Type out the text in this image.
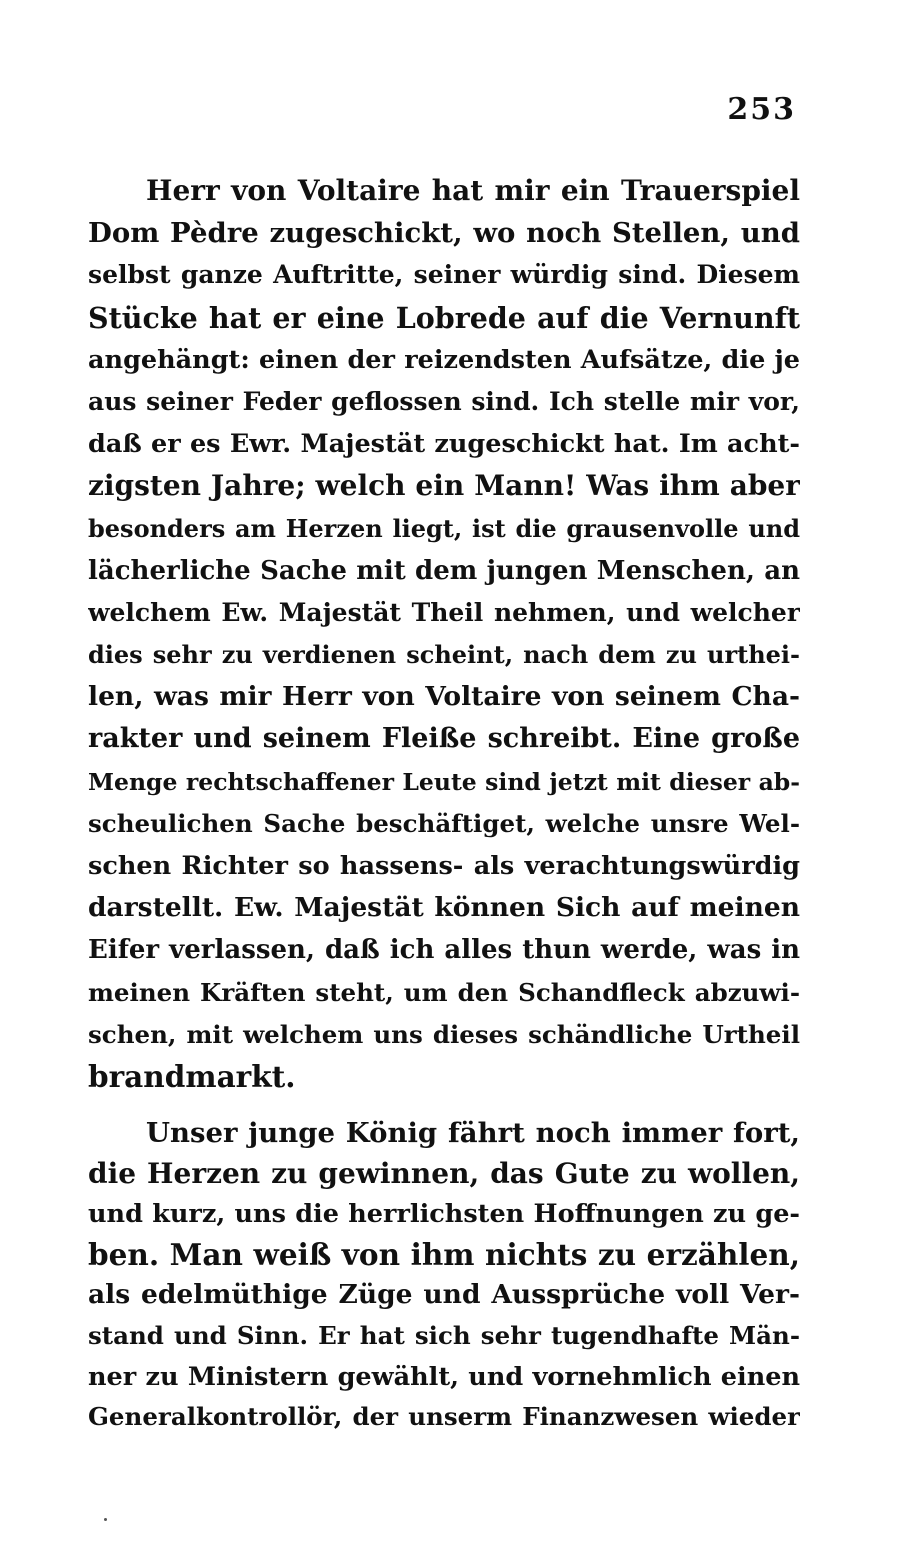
253
Herr von Voltaire hat mir ein Trauerspiel
Dom Pèdre zugeschickt, wo noch Stellen, und
selbst ganze Auftritte, seiner würdig sind. Diesem
Stücke hat er eine Lobrede auf die Vernunft
angehängt: einen der reizendsten Aufsätze, die je
aus seiner Feder geflossen sind. Ich stelle mir vor,
daß er es Ewr. Majestät zugeschickt hat. Im acht-
zigsten Jahre; welch ein Mann! Was ihm aber
besonders am Herzen liegt, ist die grausenvolle und
lächerliche Sache mit dem jungen Menschen, an
welchem Ew. Majestät Theil nehmen, und welcher
dies sehr zu verdienen scheint, nach dem zu urthei-
len, was mir Herr von Voltaire von seinem Cha-
rakter und seinem Fleiße schreibt. Eine große
Menge rechtschaffener Leute sind jetzt mit dieser ab-
scheulichen Sache beschäftiget, welche unsre Wel-
schen Richter so hassens- als verachtungswürdig
darstellt. Ew. Majestät können Sich auf meinen
Eifer verlassen, daß ich alles thun werde, was in
meinen Kräften steht, um den Schandfleck abzuwi-
schen, mit welchem uns dieses schändliche Urtheil
brandmarkt.
Unser junge König fährt noch immer fort,
die Herzen zu gewinnen, das Gute zu wollen,
und kurz, uns die herrlichsten Hoffnungen zu ge-
ben. Man weiß von ihm nichts zu erzählen,
als edelmüthige Züge und Aussprüche voll Ver-
stand und Sinn. Er hat sich sehr tugendhafte Män-
ner zu Ministern gewählt, und vornehmlich einen
Generalkontrollör, der unserm Finanzwesen wieder
